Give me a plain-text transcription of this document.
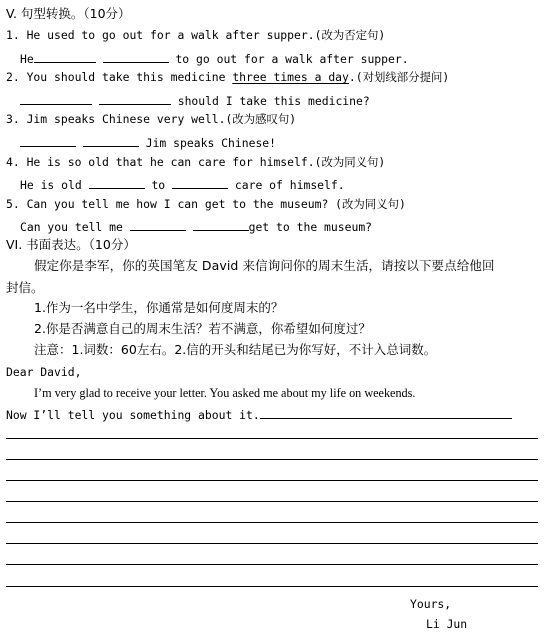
V. 句型转换。（10分）
1. He used to go out for a walk after supper.(改为否定句)
He	to go out for a walk after supper.
2. You should take this medicine three times a day.(对划线部分提问)
should I take this medicine?
3. Jim speaks Chinese very well.(改为感叹句)
Jim speaks Chinese!
4. He is so old that he can care for himself.(改为同义句)
He is old	to	care of himself.
5. Can you tell me how I can get to the museum? (改为同义句)
Can you tell me	get to the museum?
VI. 书面表达。（10分）
假定你是李军，你的英国笔友 David 来信询问你的周末生活，请按以下要点给他回
封信。
1.作为一名中学生，你通常是如何度周末的？
2.你是否满意自己的周末生活？若不满意，你希望如何度过？
注意：1.词数：60左右。2.信的开头和结尾已为你写好，不计入总词数。
Dear David,
I’m very glad to receive your letter. You asked me about my life on weekends.
Now I’ll tell you something about it.
Yours,
Li Jun
